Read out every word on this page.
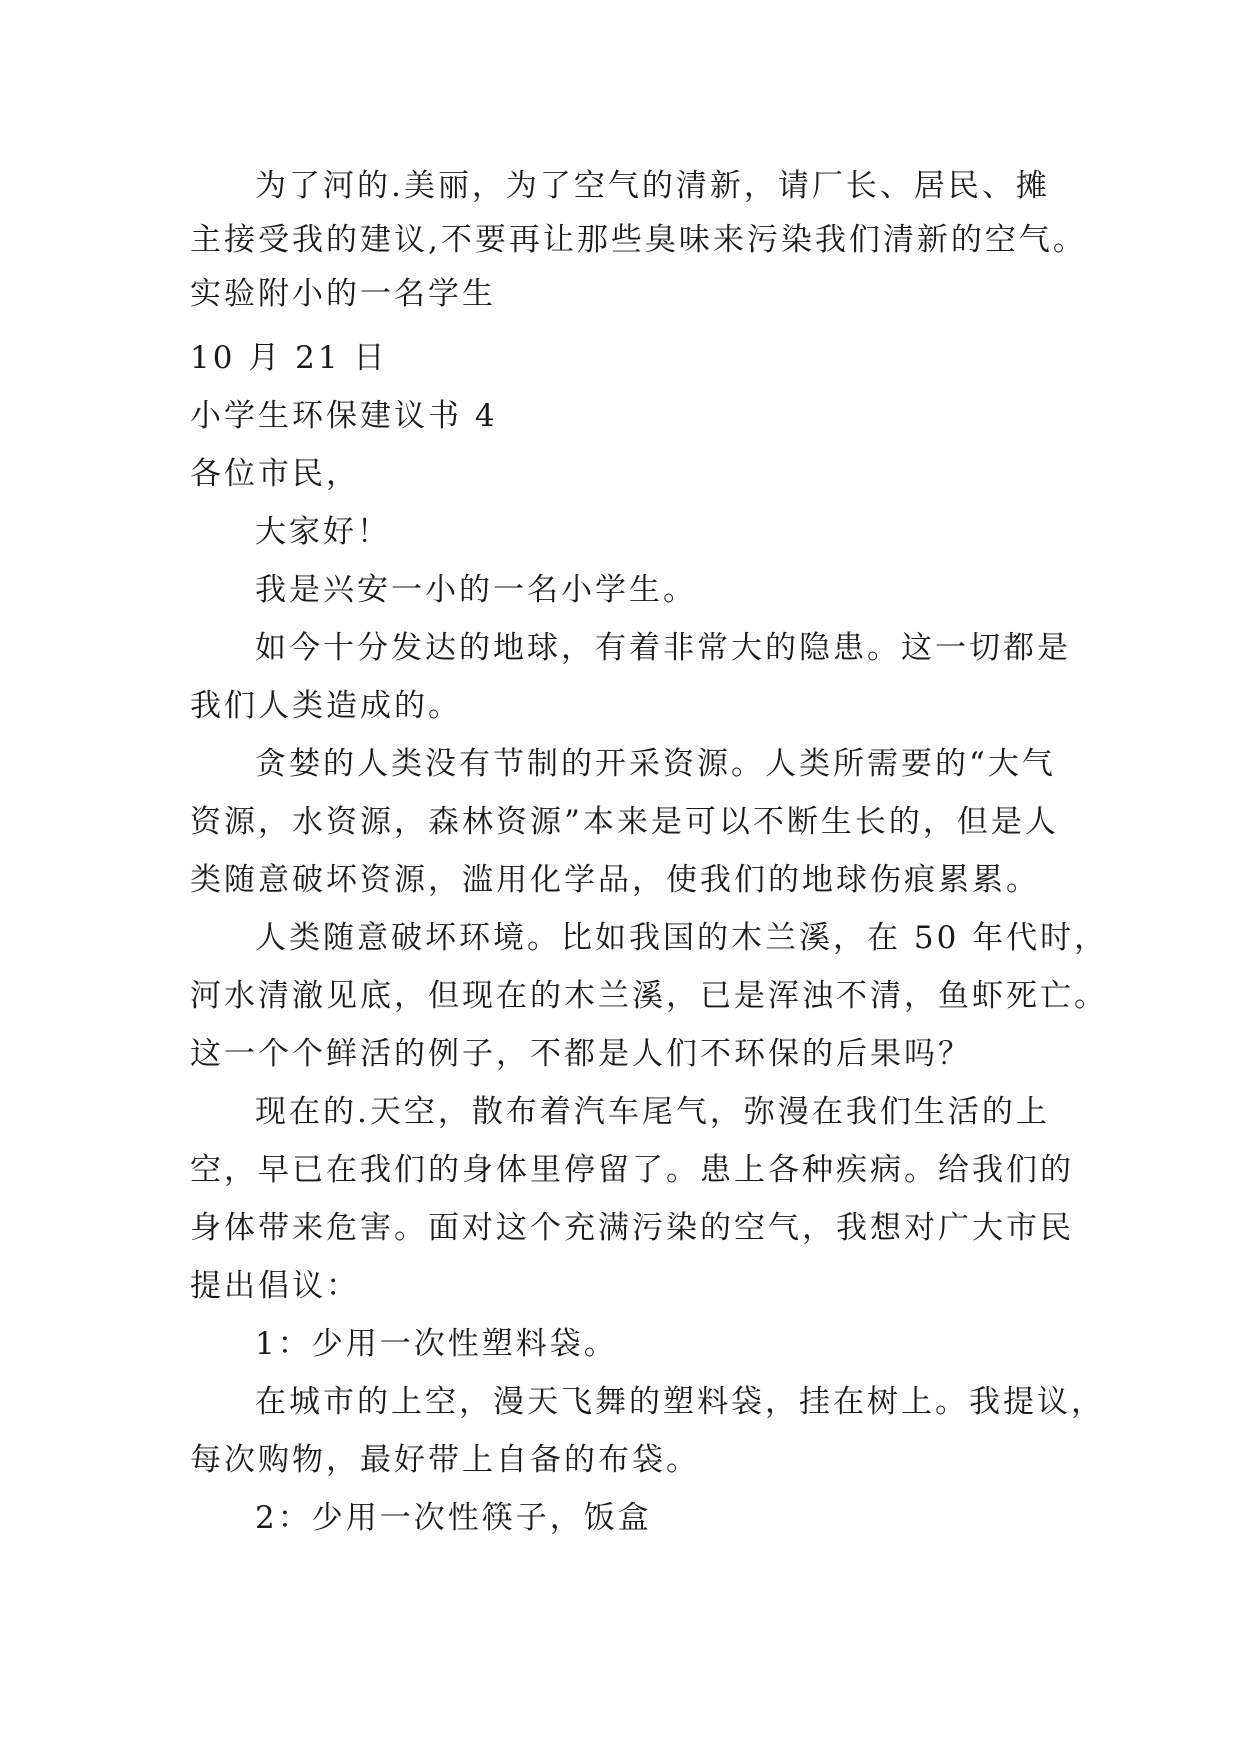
为了河的.美丽，为了空气的清新，请厂长、居民、摊
主接受我的建议,不要再让那些臭味来污染我们清新的空气。
实验附小的一名学生
10 月 21 日
小学生环保建议书 4
各位市民，
大家好！
我是兴安一小的一名小学生。
如今十分发达的地球，有着非常大的隐患。这一切都是
我们人类造成的。
贪婪的人类没有节制的开采资源。人类所需要的“大气
资源，水资源，森林资源”本来是可以不断生长的，但是人
类随意破坏资源，滥用化学品，使我们的地球伤痕累累。
人类随意破坏环境。比如我国的木兰溪，在 50 年代时，
河水清澈见底，但现在的木兰溪，已是浑浊不清，鱼虾死亡。
这一个个鲜活的例子，不都是人们不环保的后果吗？
现在的.天空，散布着汽车尾气，弥漫在我们生活的上
空，早已在我们的身体里停留了。患上各种疾病。给我们的
身体带来危害。面对这个充满污染的空气，我想对广大市民
提出倡议：
1：少用一次性塑料袋。
在城市的上空，漫天飞舞的塑料袋，挂在树上。我提议，
每次购物，最好带上自备的布袋。
2：少用一次性筷子，饭盒
